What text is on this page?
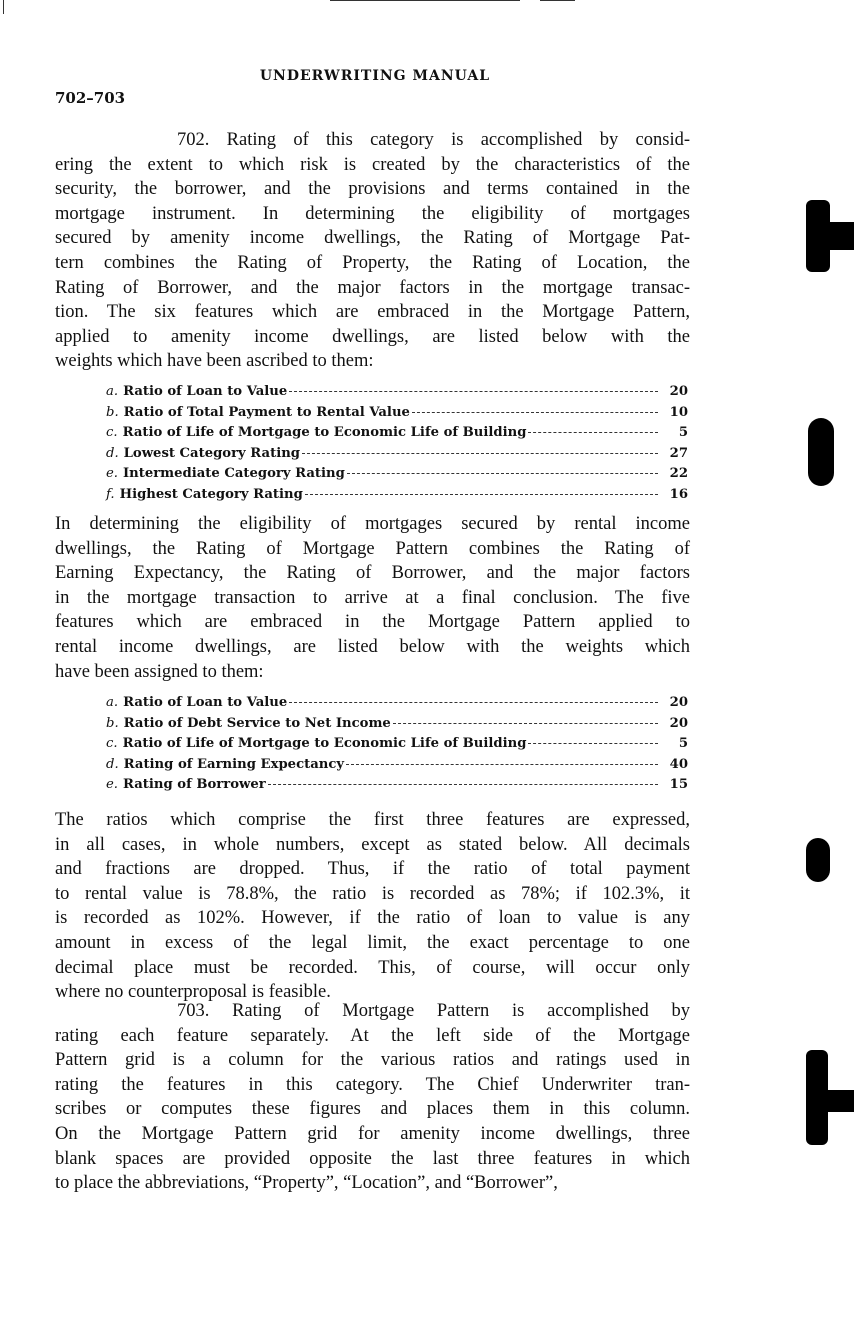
UNDERWRITING MANUAL
702–703
702. Rating of this category is accomplished by consid-
ering the extent to which risk is created by the characteristics of the
security, the borrower, and the provisions and terms contained in the
mortgage instrument. In determining the eligibility of mortgages
secured by amenity income dwellings, the Rating of Mortgage Pat-
tern combines the Rating of Property, the Rating of Location, the
Rating of Borrower, and the major factors in the mortgage transac-
tion. The six features which are embraced in the Mortgage Pattern,
applied to amenity income dwellings, are listed below with the
weights which have been ascribed to them:
a. Ratio of Loan to Value	20
b. Ratio of Total Payment to Rental Value	10
c. Ratio of Life of Mortgage to Economic Life of Building	5
d. Lowest Category Rating	27
e. Intermediate Category Rating	22
f. Highest Category Rating	16
In determining the eligibility of mortgages secured by rental income
dwellings, the Rating of Mortgage Pattern combines the Rating of
Earning Expectancy, the Rating of Borrower, and the major factors
in the mortgage transaction to arrive at a final conclusion. The five
features which are embraced in the Mortgage Pattern applied to
rental income dwellings, are listed below with the weights which
have been assigned to them:
a. Ratio of Loan to Value	20
b. Ratio of Debt Service to Net Income	20
c. Ratio of Life of Mortgage to Economic Life of Building	5
d. Rating of Earning Expectancy	40
e. Rating of Borrower	15
The ratios which comprise the first three features are expressed,
in all cases, in whole numbers, except as stated below. All decimals
and fractions are dropped. Thus, if the ratio of total payment
to rental value is 78.8%, the ratio is recorded as 78%; if 102.3%, it
is recorded as 102%. However, if the ratio of loan to value is any
amount in excess of the legal limit, the exact percentage to one
decimal place must be recorded. This, of course, will occur only
where no counterproposal is feasible.
703. Rating of Mortgage Pattern is accomplished by
rating each feature separately. At the left side of the Mortgage
Pattern grid is a column for the various ratios and ratings used in
rating the features in this category. The Chief Underwriter tran-
scribes or computes these figures and places them in this column.
On the Mortgage Pattern grid for amenity income dwellings, three
blank spaces are provided opposite the last three features in which
to place the abbreviations, “Property”, “Location”, and “Borrower”,
